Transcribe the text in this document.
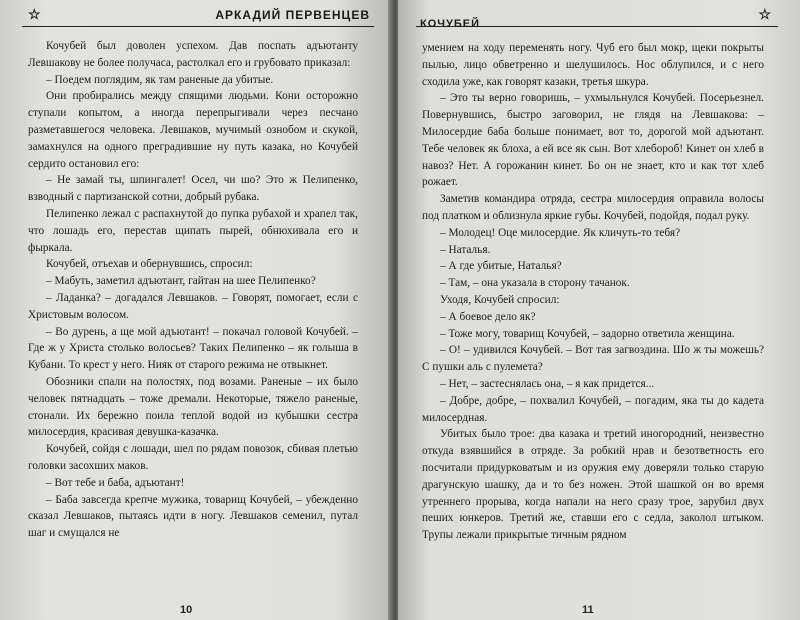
☆	АРКАДИЙ ПЕРВЕНЦЕВ

Кочубей был доволен успехом. Дав поспать адъютанту Левшакову не более получаса, растолкал его и грубовато приказал:

– Поедем поглядим, як там раненые да убитые.

Они пробирались между спящими людьми. Кони осторожно ступали копытом, а иногда перепрыгивали через песчано разметавшегося человека. Левшаков, мучимый ознобом и скукой, замахнулся на одного преградившие ну путь казака, но Кочубей сердито остановил его:

– Не замай ты, шпингалет! Осел, чи шо? Это ж Пелипенко, взводный с партизанской сотни, добрый рубака.

Пелипенко лежал с распахнутой до пупка рубахой и храпел так, что лошадь его, перестав щипать пырей, обнюхивала его и фыркала.

Кочубей, отъехав и обернувшись, спросил:

– Мабуть, заметил адъютант, гайтан на шее Пелипенко?

– Ладанка? – догадался Левшаков. – Говорят, помогает, если с Христовым волосом.

– Во дурень, а ще мой адъютант! – покачал головой Кочубей. – Где ж у Христа столько волосьев? Таких Пелипенко – як голыша в Кубани. То крест у него. Нияк от старого режима не отвыкнет.

Обозники спали на полостях, под возами. Раненые – их было человек пятнадцать – тоже дремали. Некоторые, тяжело раненые, стонали. Их бережно поила теплой водой из кубышки сестра милосердия, красивая девушка-казачка.

Кочубей, сойдя с лошади, шел по рядам повозок, сбивая плетью головки засохших маков.

– Вот тебе и баба, адъютант!

– Баба завсегда крепче мужика, товарищ Кочубей, – убежденно сказал Левшаков, пытаясь идти в ногу. Левшаков семенил, путал шаг и смущался не

10
КОЧУБЕЙ
☆

умением на ходу переменять ногу. Чуб его был мокр, щеки покрыты пылью, лицо обветренно и шелушилось. Нос облупился, и с него сходила уже, как говорят казаки, третья шкура.

– Это ты верно говоришь, – ухмыльнулся Кочубей. Посерьезнел. Повернувшись, быстро заговорил, не глядя на Левшакова: – Милосердие баба больше понимает, вот то, дорогой мой адъютант. Тебе человек як блоха, а ей все як сын. Вот хлебороб! Кинет он хлеб в навоз? Нет. А горожанин кинет. Бо он не знает, кто и как тот хлеб рожает.

Заметив командира отряда, сестра милосердия оправила волосы под платком и облизнула яркие губы. Кочубей, подойдя, подал руку.

– Молодец! Оце милосердие. Як кличуть-то тебя?

– Наталья.

– А где убитые, Наталья?

– Там, – она указала в сторону тачанок.

Уходя, Кочубей спросил:

– А боевое дело як?

– Тоже могу, товарищ Кочубей, – задорно ответила женщина.

– О! – удивился Кочубей. – Вот тая загвоздина. Шо ж ты можешь? С пушки аль с пулемета?

– Нет, – застеснялась она, – я как придется...

– Добре, добре, – похвалил Кочубей, – погадим, яка ты до кадета милосердная.

Убитых было трое: два казака и третий иногородний, неизвестно откуда взявшийся в отряде. За робкий нрав и безответность его посчитали придурковатым и из оружия ему доверяли только старую драгунскую шашку, да и то без ножен. Этой шашкой он во время утреннего прорыва, когда напали на него сразу трое, зарубил двух пеших юнкеров. Третий же, ставши его с седла, заколол штыком. Трупы лежали прикрытые тичным рядном

11
